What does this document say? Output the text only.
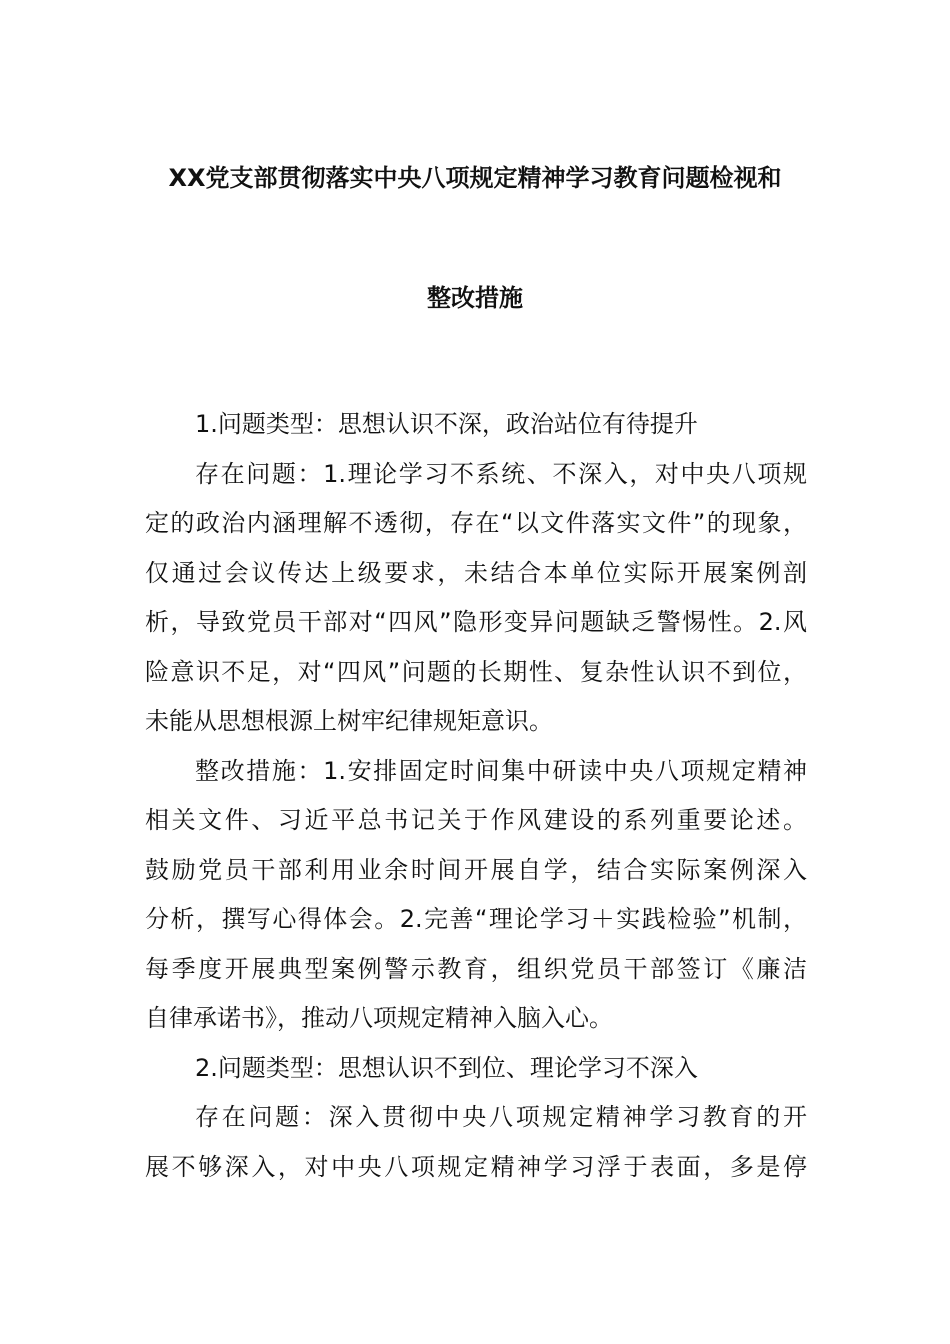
XX党支部贯彻落实中央八项规定精神学习教育问题检视和
整改措施
1.问题类型：思想认识不深，政治站位有待提升
存在问题：1.理论学习不系统、不深入，对中央八项规
定的政治内涵理解不透彻，存在“以文件落实文件”的现象，
仅通过会议传达上级要求，未结合本单位实际开展案例剖
析，导致党员干部对“四风”隐形变异问题缺乏警惕性。2.风
险意识不足，对“四风”问题的长期性、复杂性认识不到位，
未能从思想根源上树牢纪律规矩意识。
整改措施：1.安排固定时间集中研读中央八项规定精神
相关文件、习近平总书记关于作风建设的系列重要论述。
鼓励党员干部利用业余时间开展自学，结合实际案例深入
分析，撰写心得体会。2.完善“理论学习＋实践检验”机制，
每季度开展典型案例警示教育，组织党员干部签订《廉洁
自律承诺书》，推动八项规定精神入脑入心。
2.问题类型：思想认识不到位、理论学习不深入
存在问题：深入贯彻中央八项规定精神学习教育的开
展不够深入，对中央八项规定精神学习浮于表面，多是停
